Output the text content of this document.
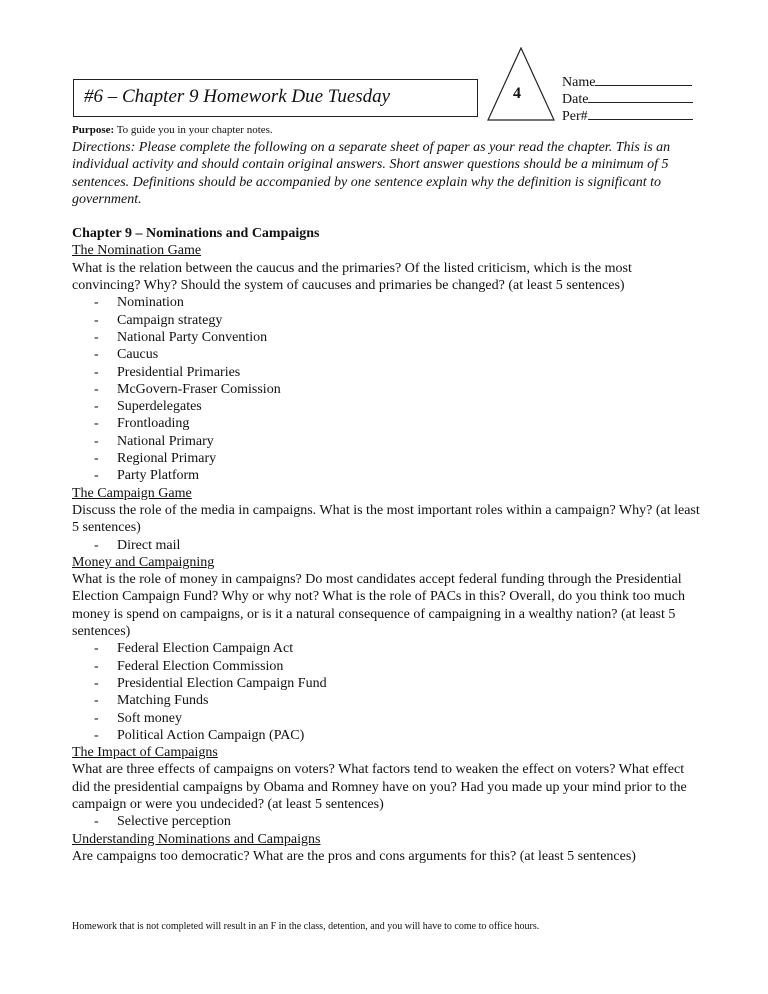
#6 – Chapter 9 Homework Due Tuesday	4
Name
Date
Per#
Purpose: To guide you in your chapter notes.
Directions: Please complete the following on a separate sheet of paper as your read the chapter. This is an individual activity and should contain original answers. Short answer questions should be a minimum of 5 sentences. Definitions should be accompanied by one sentence explain why the definition is significant to government.
Chapter 9 – Nominations and Campaigns
The Nomination Game
What is the relation between the caucus and the primaries? Of the listed criticism, which is the most convincing? Why? Should the system of caucuses and primaries be changed? (at least 5 sentences)
- Nomination
- Campaign strategy
- National Party Convention
- Caucus
- Presidential Primaries
- McGovern-Fraser Comission
- Superdelegates
- Frontloading
- National Primary
- Regional Primary
- Party Platform
The Campaign Game
Discuss the role of the media in campaigns. What is the most important roles within a campaign? Why? (at least 5 sentences)
- Direct mail
Money and Campaigning
What is the role of money in campaigns? Do most candidates accept federal funding through the Presidential Election Campaign Fund? Why or why not? What is the role of PACs in this? Overall, do you think too much money is spend on campaigns, or is it a natural consequence of campaigning in a wealthy nation? (at least 5 sentences)
- Federal Election Campaign Act
- Federal Election Commission
- Presidential Election Campaign Fund
- Matching Funds
- Soft money
- Political Action Campaign (PAC)
The Impact of Campaigns
What are three effects of campaigns on voters? What factors tend to weaken the effect on voters? What effect did the presidential campaigns by Obama and Romney have on you? Had you made up your mind prior to the campaign or were you undecided? (at least 5 sentences)
- Selective perception
Understanding Nominations and Campaigns
Are campaigns too democratic? What are the pros and cons arguments for this? (at least 5 sentences)
Homework that is not completed will result in an F in the class, detention, and you will have to come to office hours.
